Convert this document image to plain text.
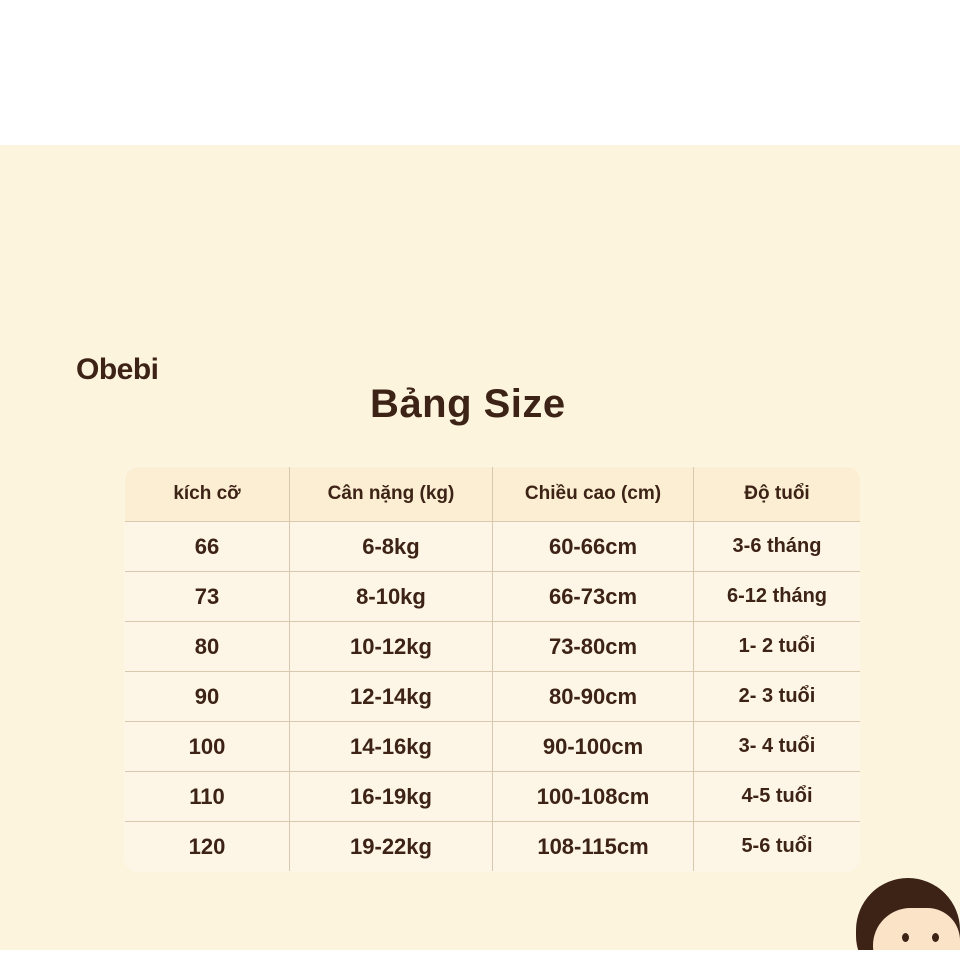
Obebi
Bảng Size
kích cỡ	Cân nặng (kg)	Chiều cao (cm)	Độ tuổi
66	6-8kg	60-66cm	3-6 tháng
73	8-10kg	66-73cm	6-12 tháng
80	10-12kg	73-80cm	1- 2 tuổi
90	12-14kg	80-90cm	2- 3 tuổi
100	14-16kg	90-100cm	3- 4 tuổi
110	16-19kg	100-108cm	4-5 tuổi
120	19-22kg	108-115cm	5-6 tuổi
